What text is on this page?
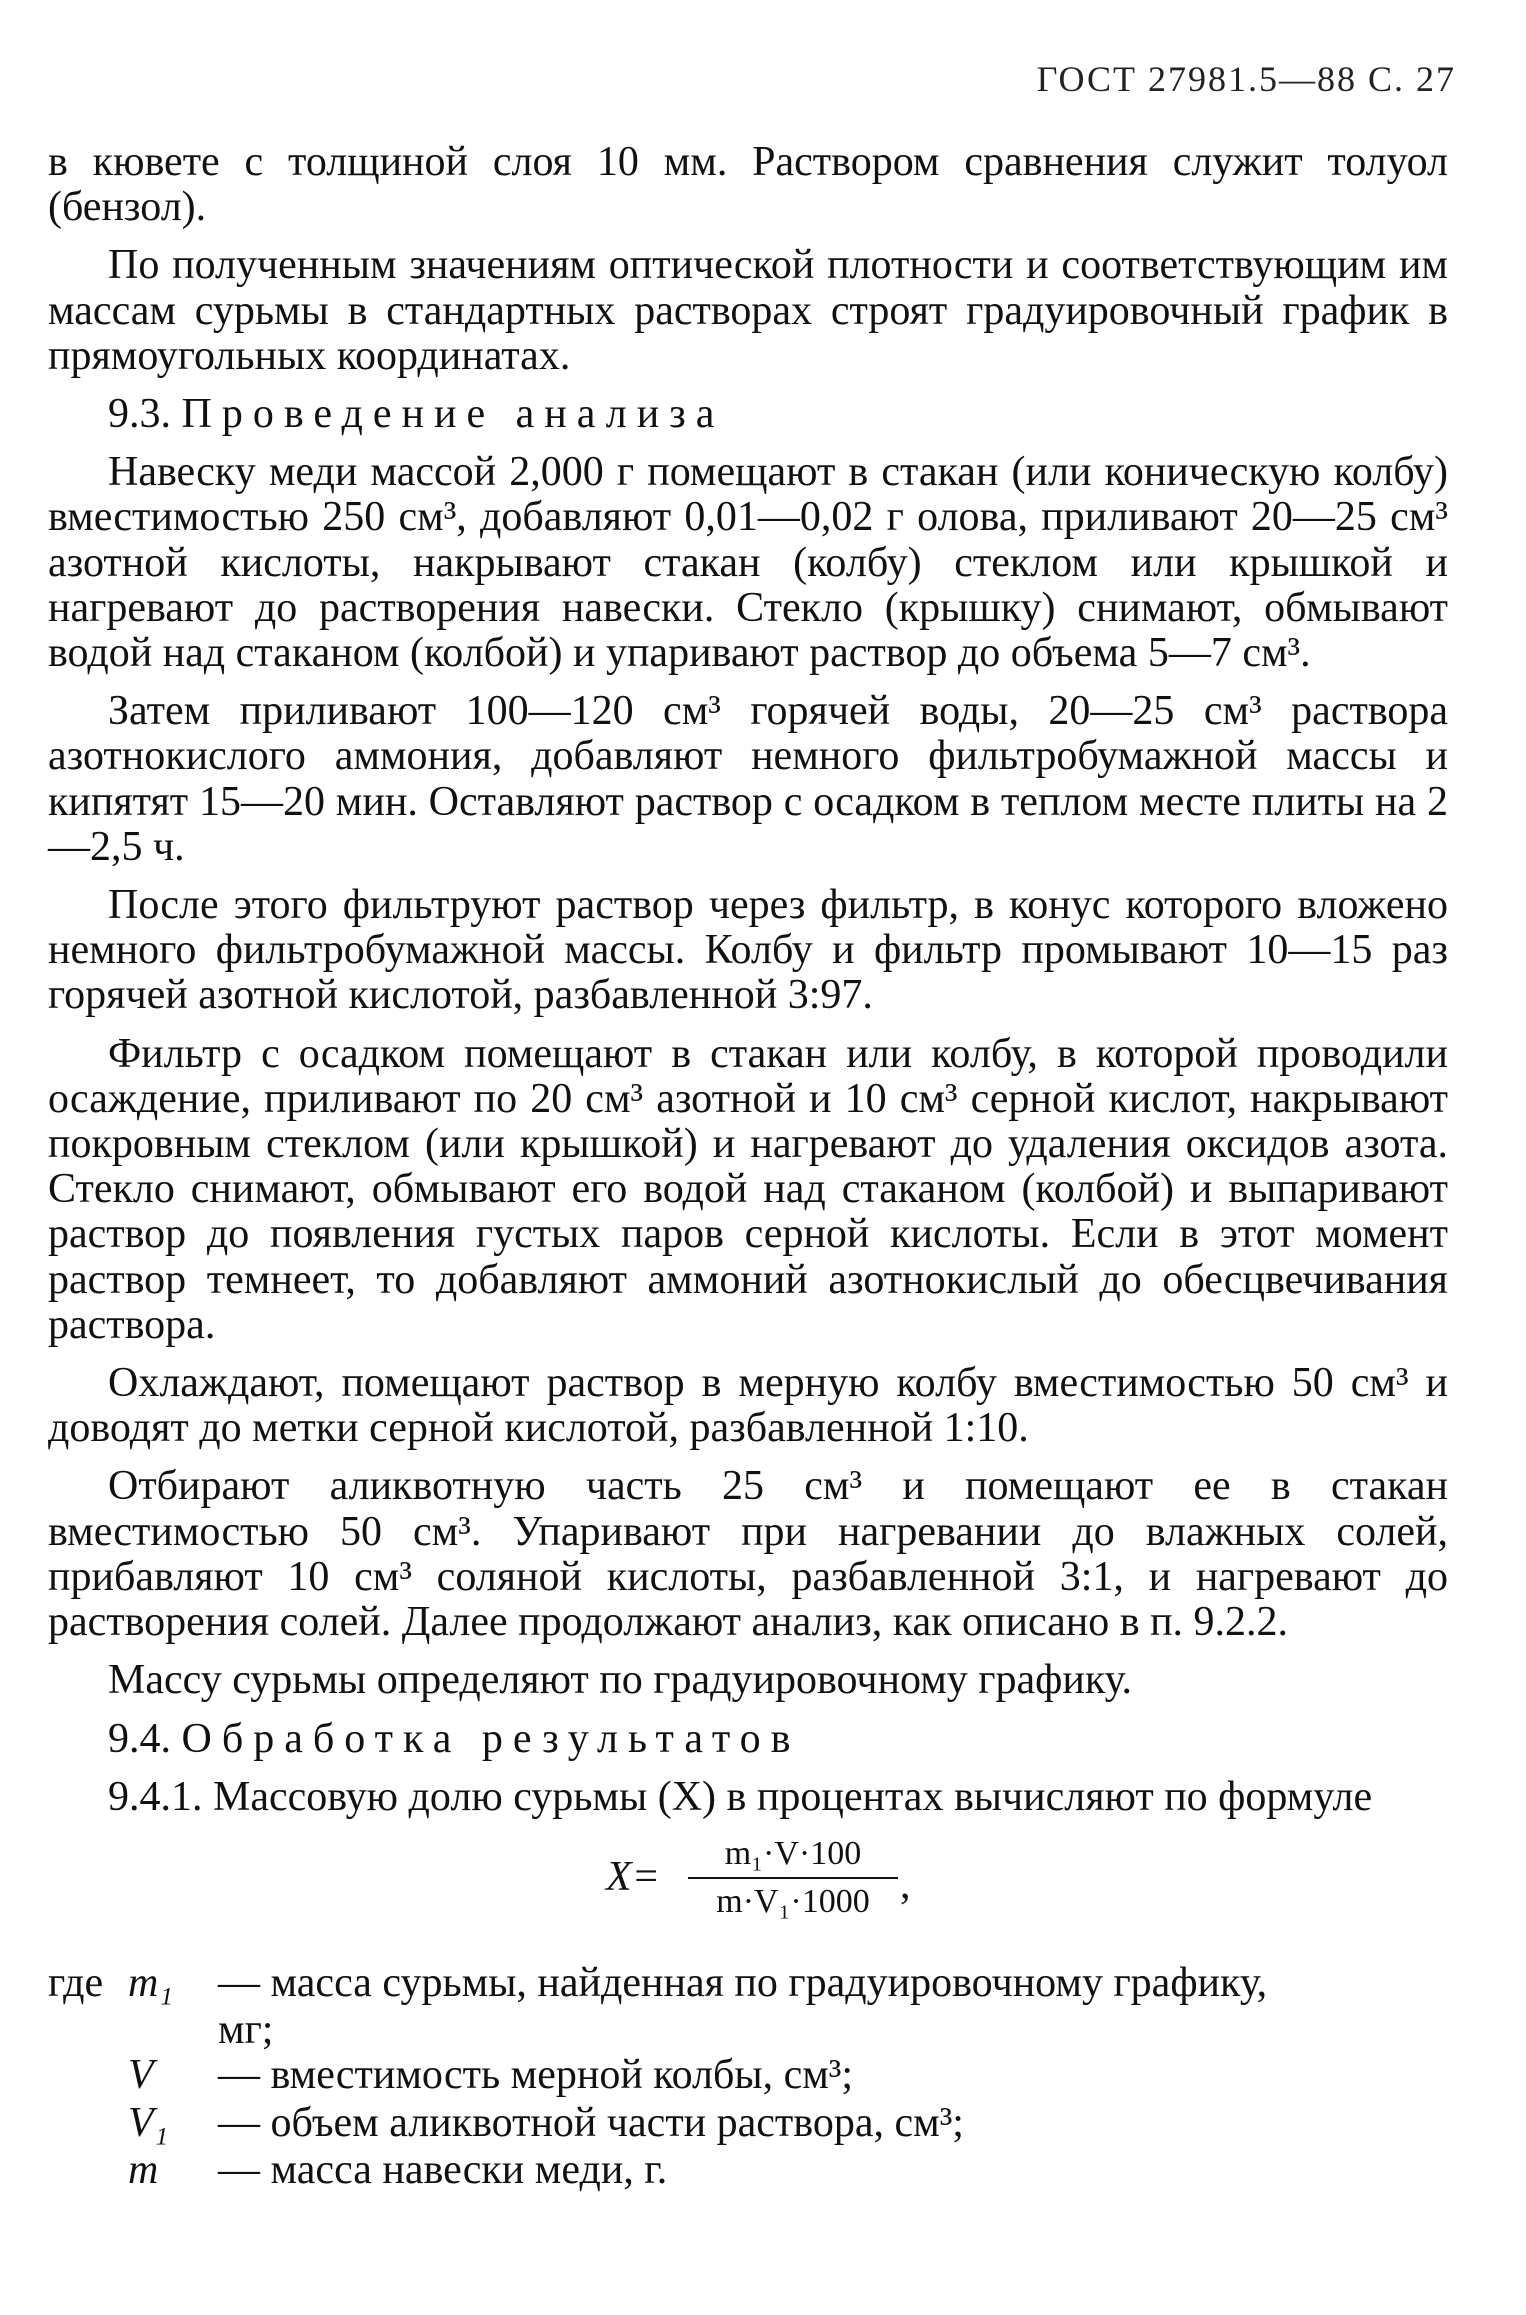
ГОСТ 27981.5—88 С. 27

в кювете с толщиной слоя 10 мм. Раствором сравнения служит толуол (бензол).

По полученным значениям оптической плотности и соответствующим им массам сурьмы в стандартных растворах строят градуировочный график в прямоугольных координатах.

9.3. Проведение анализа

Навеску меди массой 2,000 г помещают в стакан (или коническую колбу) вместимостью 250 см³, добавляют 0,01—0,02 г олова, приливают 20—25 см³ азотной кислоты, накрывают стакан (колбу) стеклом или крышкой и нагревают до растворения навески. Стекло (крышку) снимают, обмывают водой над стаканом (колбой) и упаривают раствор до объема 5—7 см³.

Затем приливают 100—120 см³ горячей воды, 20—25 см³ раствора азотнокислого аммония, добавляют немного фильтробумажной массы и кипятят 15—20 мин. Оставляют раствор с осадком в теплом месте плиты на 2—2,5 ч.

После этого фильтруют раствор через фильтр, в конус которого вложено немного фильтробумажной массы. Колбу и фильтр промывают 10—15 раз горячей азотной кислотой, разбавленной 3:97.

Фильтр с осадком помещают в стакан или колбу, в которой проводили осаждение, приливают по 20 см³ азотной и 10 см³ серной кислот, накрывают покровным стеклом (или крышкой) и нагревают до удаления оксидов азота. Стекло снимают, обмывают его водой над стаканом (колбой) и выпаривают раствор до появления густых паров серной кислоты. Если в этот момент раствор темнеет, то добавляют аммоний азотнокислый до обесцвечивания раствора.

Охлаждают, помещают раствор в мерную колбу вместимостью 50 см³ и доводят до метки серной кислотой, разбавленной 1:10.

Отбирают аликвотную часть 25 см³ и помещают ее в стакан вместимостью 50 см³. Упаривают при нагревании до влажных солей, прибавляют 10 см³ соляной кислоты, разбавленной 3:1, и нагревают до растворения солей. Далее продолжают анализ, как описано в п. 9.2.2.

Массу сурьмы определяют по градуировочному графику.

9.4. Обработка результатов

9.4.1. Массовую долю сурьмы (X) в процентах вычисляют по формуле

$X= \frac{\text{m₁·V·100}}{\text{m·V₁·1000}}$ ,
где m₁	— масса сурьмы, найденная по градуировочному графику,
мг;
V	— вместимость мерной колбы, см³;
V₁	— объем аликвотной части раствора, см³;
m	— масса навески меди, г.
